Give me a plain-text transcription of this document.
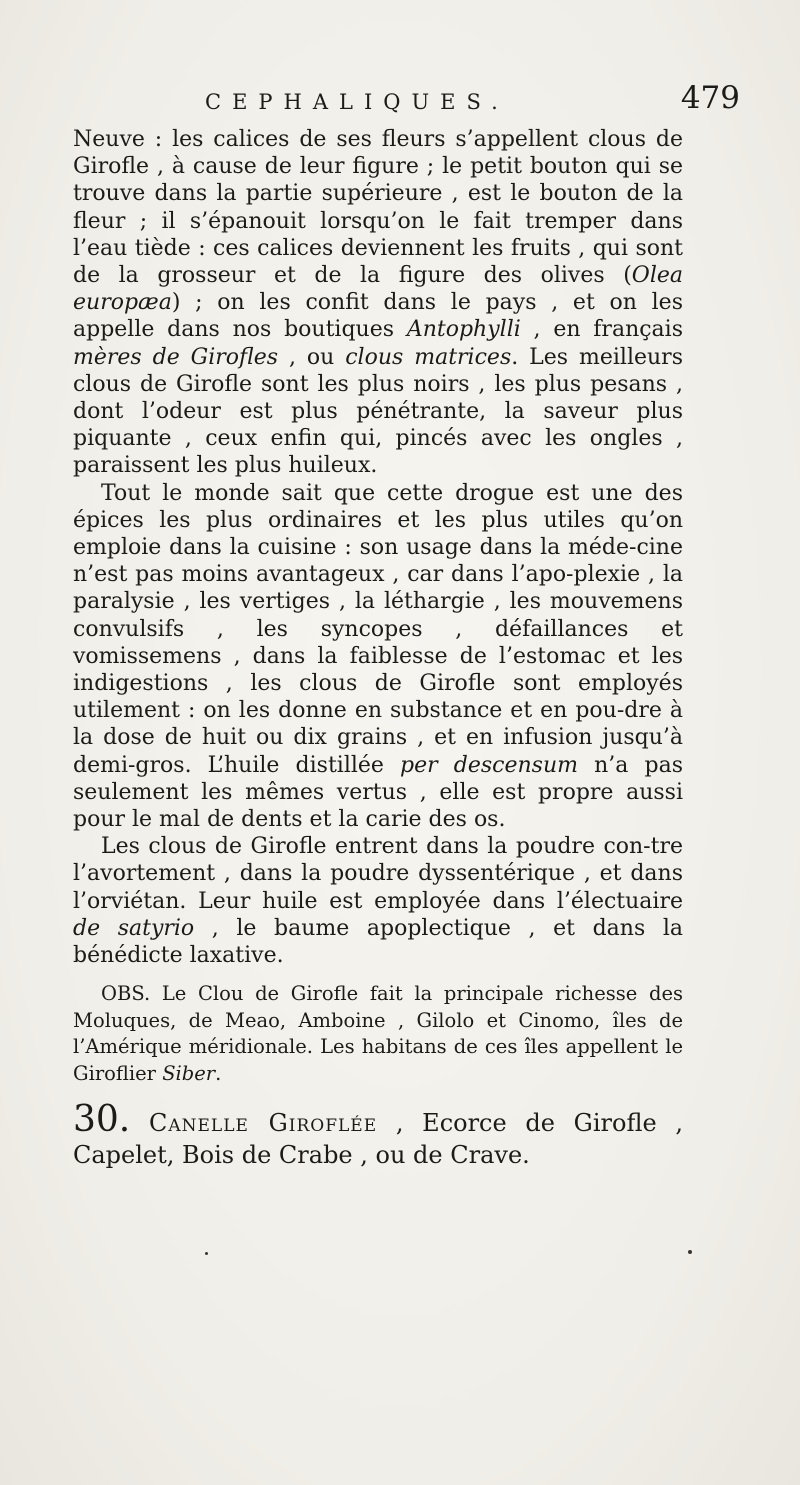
CEPHALIQUES.	479

Neuve : les calices de ses fleurs s’appellent clous de Girofle , à cause de leur figure ; le petit bouton qui se trouve dans la partie supérieure , est le bouton de la fleur ; il s’épanouit lorsqu’on le fait tremper dans l’eau tiède : ces calices deviennent les fruits , qui sont de la grosseur et de la figure des olives (Olea europæa) ; on les confit dans le pays , et on les appelle dans nos boutiques Antophylli , en français mères de Girofles , ou clous matrices. Les meilleurs clous de Girofle sont les plus noirs , les plus pesans , dont l’odeur est plus pénétrante, la saveur plus piquante , ceux enfin qui, pincés avec les ongles , paraissent les plus huileux.

Tout le monde sait que cette drogue est une des épices les plus ordinaires et les plus utiles qu’on emploie dans la cuisine : son usage dans la méde-cine n’est pas moins avantageux , car dans l’apo-plexie , la paralysie , les vertiges , la léthargie , les mouvemens convulsifs , les syncopes , défaillances et vomissemens , dans la faiblesse de l’estomac et les indigestions , les clous de Girofle sont employés utilement : on les donne en substance et en pou-dre à la dose de huit ou dix grains , et en infusion jusqu’à demi-gros. L’huile distillée per descensum n’a pas seulement les mêmes vertus , elle est propre aussi pour le mal de dents et la carie des os.

Les clous de Girofle entrent dans la poudre con-tre l’avortement , dans la poudre dyssentérique , et dans l’orviétan. Leur huile est employée dans l’électuaire de satyrio , le baume apoplectique , et dans la bénédicte laxative.

OBS. Le Clou de Girofle fait la principale richesse des Moluques, de Meao, Amboine , Gilolo et Cinomo, îles de l’Amérique méridionale. Les habitans de ces îles appellent le Giroflier Siber.

30. Canelle Giroflée , Ecorce de Girofle , Capelet, Bois de Crabe , ou de Crave.
